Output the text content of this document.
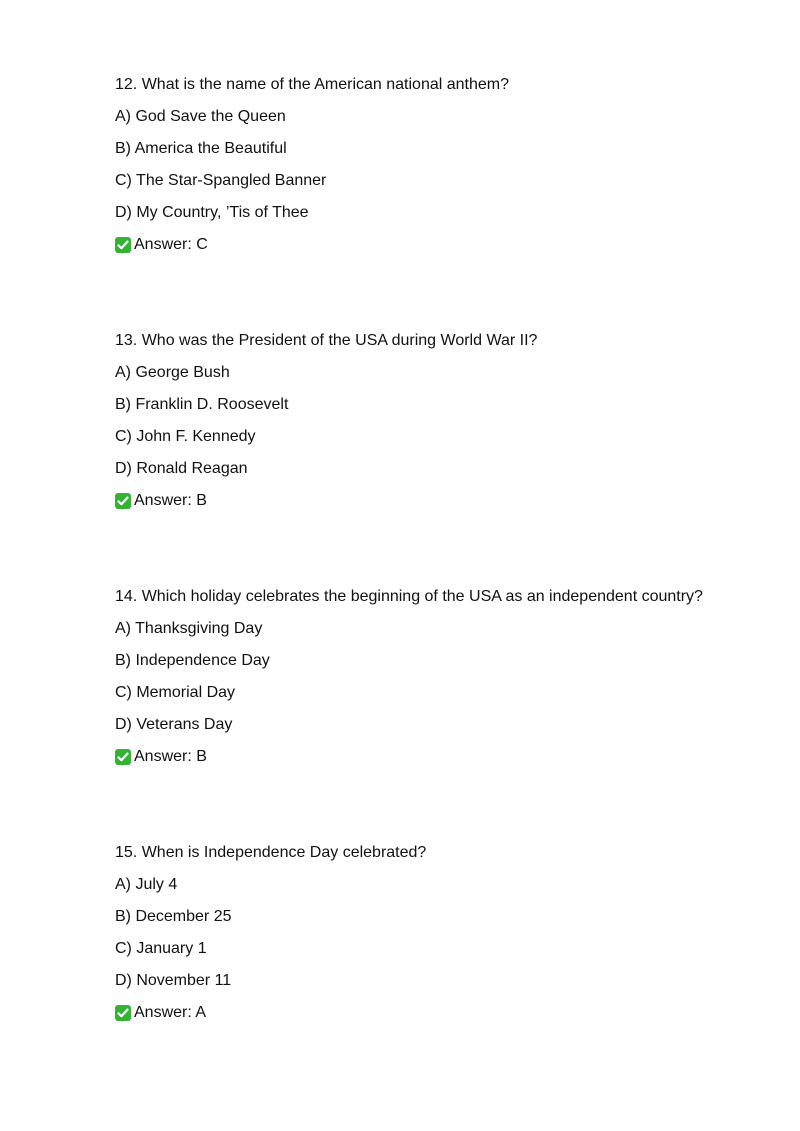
12. What is the name of the American national anthem?
A) God Save the Queen
B) America the Beautiful
C) The Star-Spangled Banner
D) My Country, ’Tis of Thee
Answer: C
13. Who was the President of the USA during World War II?
A) George Bush
B) Franklin D. Roosevelt
C) John F. Kennedy
D) Ronald Reagan
Answer: B
14. Which holiday celebrates the beginning of the USA as an independent country?
A) Thanksgiving Day
B) Independence Day
C) Memorial Day
D) Veterans Day
Answer: B
15. When is Independence Day celebrated?
A) July 4
B) December 25
C) January 1
D) November 11
Answer: A
